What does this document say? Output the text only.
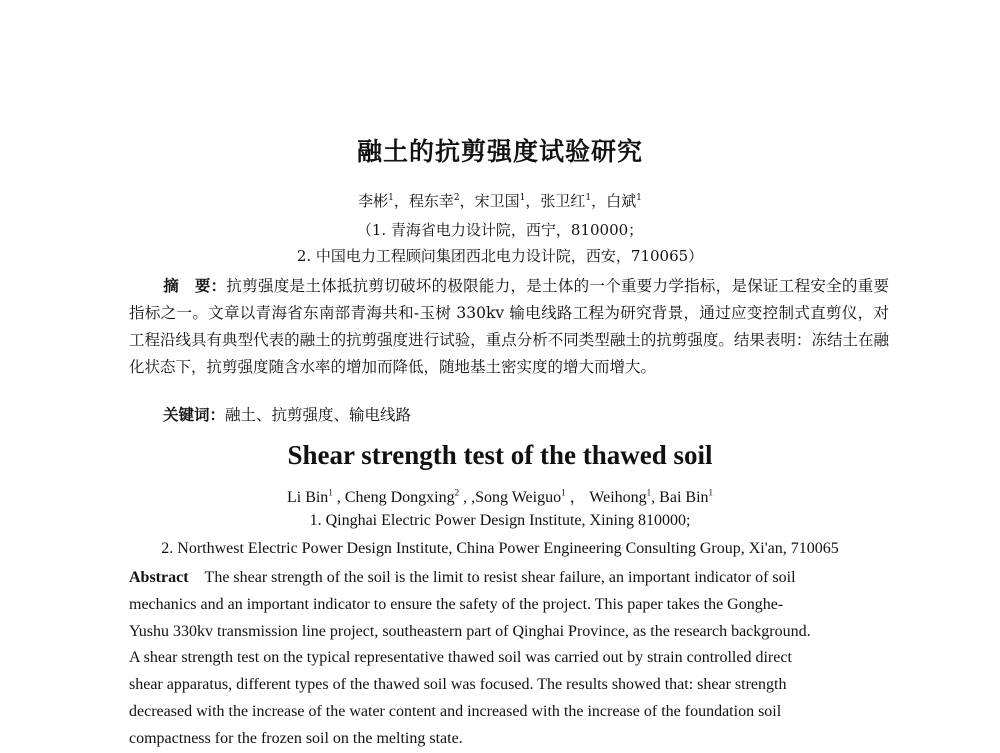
融土的抗剪强度试验研究
李彬$^1$，程东幸$^2$，宋卫国$^1$，张卫红$^1$，白斌$^1$
（1. 青海省电力设计院，西宁，810000；
2. 中国电力工程顾问集团西北电力设计院，西安，710065）
摘　要：抗剪强度是土体抵抗剪切破坏的极限能力，是土体的一个重要力学指标，是保证工程安全的重要指标之一。文章以青海省东南部青海共和-玉树 330kv 输电线路工程为研究背景，通过应变控制式直剪仪，对工程沿线具有典型代表的融土的抗剪强度进行试验，重点分析不同类型融土的抗剪强度。结果表明：冻结土在融化状态下，抗剪强度随含水率的增加而降低，随地基土密实度的增大而增大。
关键词：融土、抗剪强度、输电线路
Shear strength test of the thawed soil
Li Bin$^1$ , Cheng Dongxing$^2$ , ,Song Weiguo$^1$ ， Weihong$^1$, Bai Bin$^1$
1. Qinghai Electric Power Design Institute, Xining 810000;
2. Northwest Electric Power Design Institute, China Power Engineering Consulting Group, Xi'an, 710065
Abstract The shear strength of the soil is the limit to resist shear failure, an important indicator of soil
mechanics and an important indicator to ensure the safety of the project. This paper takes the Gonghe-
Yushu 330kv transmission line project, southeastern part of Qinghai Province, as the research background.
A shear strength test on the typical representative thawed soil was carried out by strain controlled direct
shear apparatus, different types of the thawed soil was focused. The results showed that: shear strength
decreased with the increase of the water content and increased with the increase of the foundation soil
compactness for the frozen soil on the melting state.
